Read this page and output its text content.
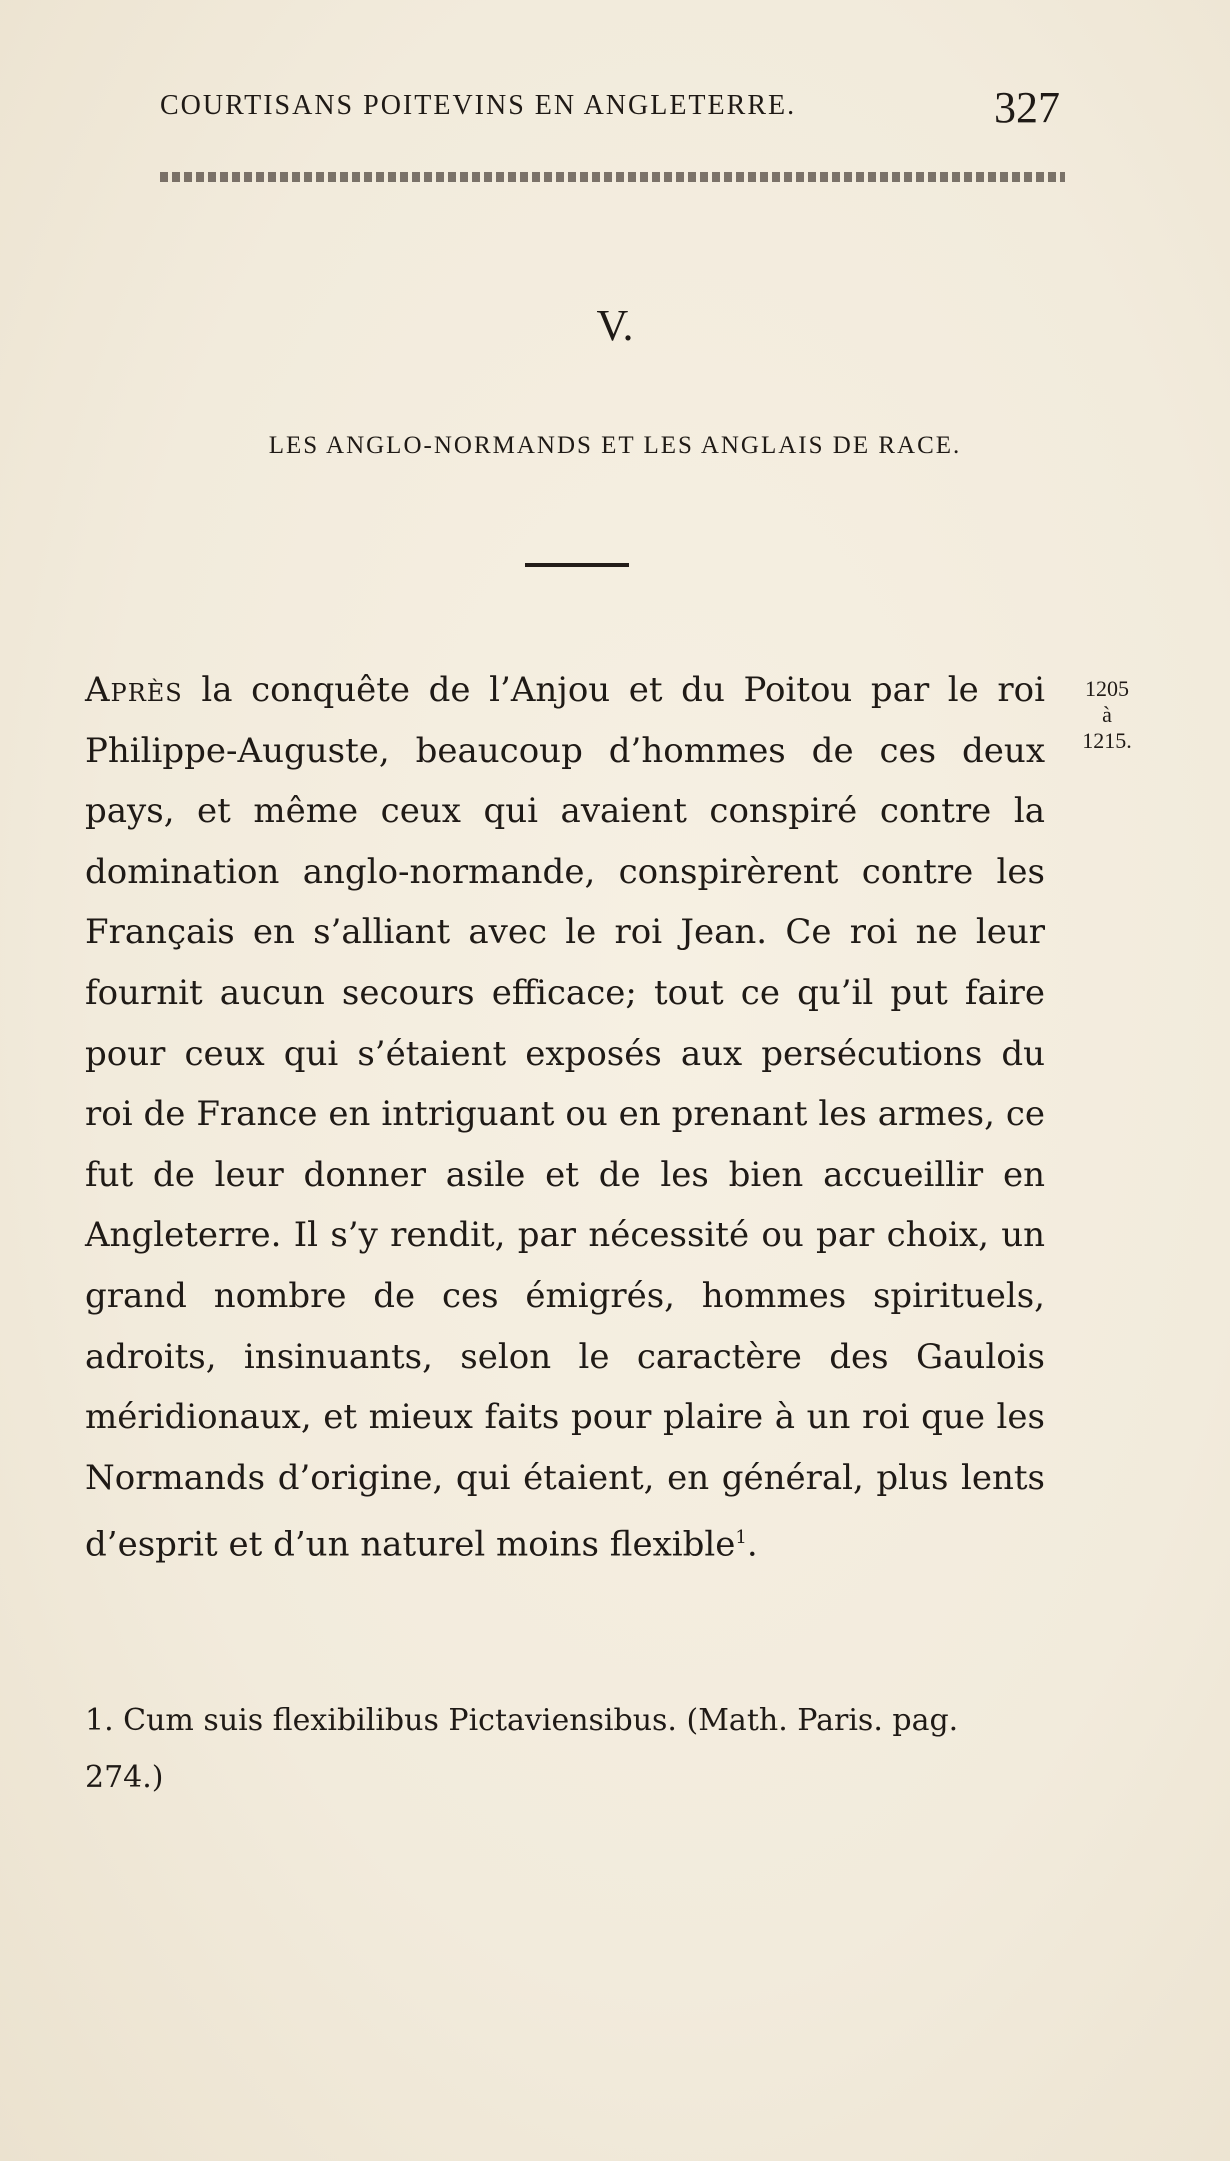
COURTISANS POITEVINS EN ANGLETERRE.	327
V.
LES ANGLO-NORMANDS ET LES ANGLAIS DE RACE.
1205
à
1215.

Après la conquête de l’Anjou et du Poitou par le roi Philippe-Auguste, beaucoup d’hommes de ces deux pays, et même ceux qui avaient conspiré contre la domination anglo-normande, conspirèrent contre les Français en s’alliant avec le roi Jean. Ce roi ne leur fournit aucun secours efficace; tout ce qu’il put faire pour ceux qui s’étaient exposés aux persécutions du roi de France en intriguant ou en prenant les armes, ce fut de leur donner asile et de les bien accueillir en Angleterre. Il s’y rendit, par nécessité ou par choix, un grand nombre de ces émigrés, hommes spirituels, adroits, insinuants, selon le caractère des Gaulois méridionaux, et mieux faits pour plaire à un roi que les Normands d’origine, qui étaient, en général, plus lents d’esprit et d’un naturel moins flexible$^1$.

1. Cum suis flexibilibus Pictaviensibus. (Math. Paris. pag. 274.)
